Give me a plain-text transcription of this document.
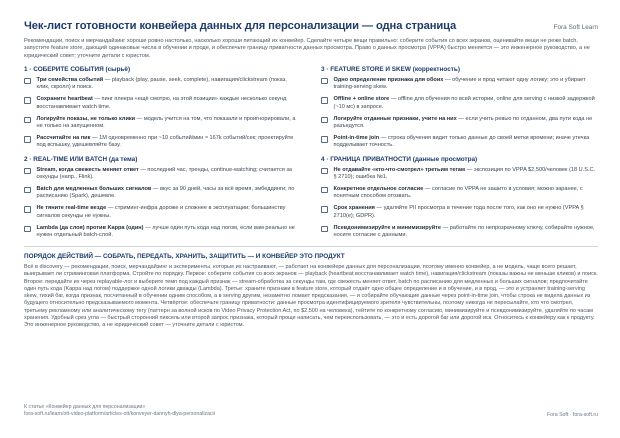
Чек-лист готовности конвейера данных для персонализации — одна страница	Fora Soft Learn
Рекомендации, поиск и мерчандайзинг хороше ровно настолько, насколько хороши питающий их конвейер. Сделайте четыре вещи правильно: соберите события со всех экранов, оценивайте вещи не реже batch, запустите feature store, дающий одинаковые числа в обучении и проде, и обеспечьте границу приватности данных просмотра. Право о данных просмотра (VPPA) быстро меняется — это инженерное руководство, а не юридический совет; уточните детали с юристом.
1 · СОБЕРИТЕ СОБЫТИЯ (сырьё)
Три семейства событий — playback (play, pause, seek, complete), навигация/clickstream (показ, клик, скролл) и поиск.
Сохраните heartbeat — пинг плеера «ещё смотрю, на этой позиции» каждые несколько секунд восстанавливает watch time.
Логируйте показы, не только клики — модель учится на том, что показали и проигнорировали, а не только на запущенном.
Рассчитайте на пик — 1M одновременно при ~10 событий/мин ≈ 167k событий/сек; проектируйте под вспышку, удешевляйте базу.
2 · REAL-TIME ИЛИ BATCH (да тема)
Stream, когда свежесть меняет ответ — последний час, тренды, continue-watching; считается за секунды (напр., Flink).
Batch для медленных больших сигналов — вкус за 90 дней, часы за всё время, эмбеддинги; по расписанию (Spark), дешевле.
Не тяните real-time везде — стриминг-инфра дороже и сложнее в эксплуатации; большинству сигналов секунды не нужны.
Lambda (да слоя) против Kappa (один) — лучше один путь кода над логом, если вам реально не нужен отдельный batch-слой.
3 · FEATURE STORE И SKEW (корректность)
Одно определение признака для обоих — обучение и прод читают одну логику; это и убирает training-serving skew.
Offline + online store — offline для обучения по всей истории, online для serving с низкой задержкой (~10 мс) в запросе.
Логируйте отданные признаки, учите на них — если учить ревью по отданном, два пути кода не разъедутся.
Point-in-time join — строка обучения видит только данные до своей метки времени; иначе утечка подделывает точность.
4 · ГРАНИЦА ПРИВАТНОСТИ (данные просмотра)
Не отдавайте «кто-что-смотрел» третьим тегам — экспозиция по VPPA $2,500/человек (18 U.S.C. § 2710); ошибка №1.
Конкретное отдельное согласие — согласие по VPPA не зашито в условия; можно заранее, с понятным способом отозвать.
Срок хранения — удаляйте PII просмотра в течение года после того, как оно не нужно (VPPA § 2710(e); GDPR).
Псевдонимизируйте и минимизируйте — работайте по непрозрачному ключу, собирайте нужное, носите согласие с данными.
ПОРЯДОК ДЕЙСТВИЙ — СОБРАТЬ, ПЕРЕДАТЬ, ХРАНИТЬ, ЗАЩИТИТЬ — И КОНВЕЙЕР ЭТО ПРОДУКТ
Всё в discovery — рекомендации, поиск, мерчандайзинг и эксперименты, которые их настраивают, — работает на конвейере данных для персонализации, поэтому именно конвейер, а не модель, чаще всего решает, выигрывает ли стриминговая платформа. Стройте по порядку. Первое: соберите события со всех экранов — playback (heartbeat восстанавливает watch time), навигация/clickstream (показы важны не меньше кликов) и поиск. Второе: передайте их через replayable-лог и выберите темп под каждый признак — stream-обработка за секунды там, где свежесть меняет ответ, batch по расписанию для медленных и больших сигналов; предпочитайте один путь кода (Kappa над логом) поддержке одной логики дважды (Lambda). Третье: храните признаки в feature store, который отдаёт одно общее определение и в обучение, и в прод, — это и устраняет training-serving skew, тихий баг, когда признак, посчитанный в обучении одним способом, а в serving другим, незаметно ломает предсказания, — и собирайте обучающие данные через point-in-time join, чтобы строка не видела данных из будущего относительно предсказываемого момента. Четвёртое: обеспечьте границу приватности: данные просмотра идентифицируемого зрителя чувствительны, поэтому никогда не пересылайте, кто что смотрел, третьему рекламному или аналитическому тегу (паттерн за волной исков по Video Privacy Protection Act, по $2,500 на человека), тейтите по конкретному согласию, минимизируйте и псевдонимизируйте, удаляйте по часам хранения. Удобный срез угла — быстрый сторонний пиксель или второй запрос признака, который проще написать, чем переиспользовать, — это и есть дорогой баг или дорогой иск. Относитесь к конвейеру как к продукту. Это инженерное руководство, а не юридический совет — уточните детали с юристом.
К статье «Конвейер данных для персонализации»
fora-soft.ru/learn/ott-video-platform/articles-ott/konveyer-dannyh-dlya-personalizacii	Fora Soft · fora-soft.ru
